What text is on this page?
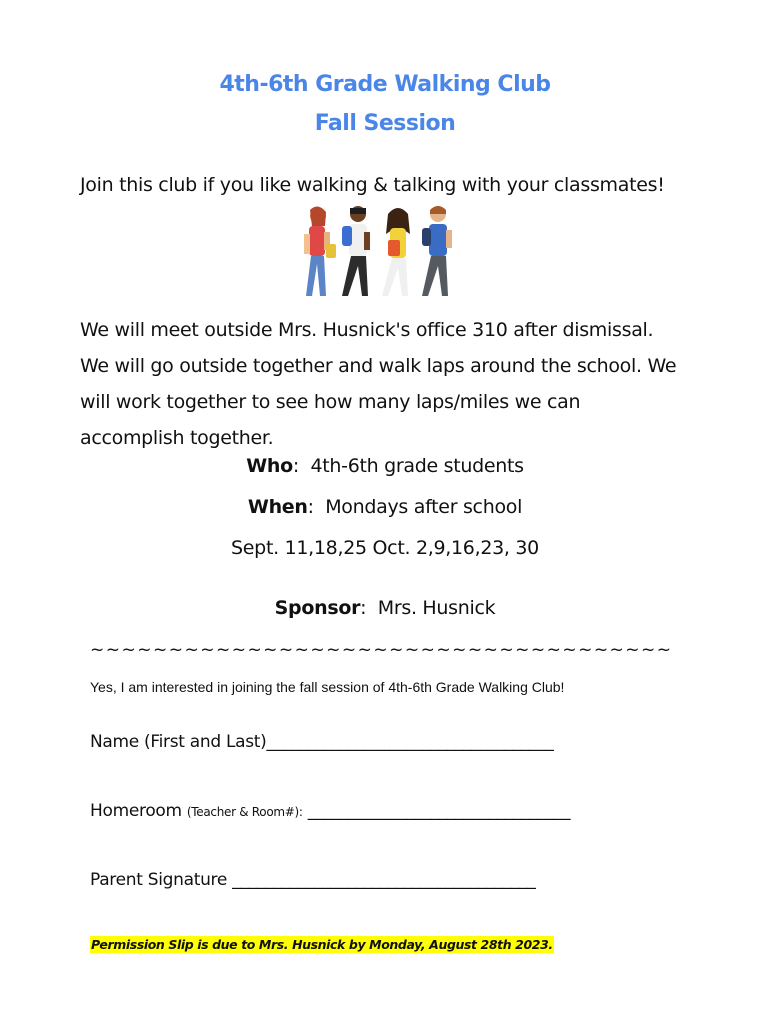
4th-6th Grade Walking Club
Fall Session
Join this club if you like walking & talking with your classmates!
We will meet outside Mrs. Husnick's office 310 after dismissal. We will go outside together and walk laps around the school. We will work together to see how many laps/miles we can accomplish together.
Who:  4th-6th grade students
When:  Mondays after school
Sept. 11,18,25 Oct. 2,9,16,23, 30
Sponsor:  Mrs. Husnick
~~~~~~~~~~~~~~~~~~~~~~~~~~~~~~~~~~~~~
Yes, I am interested in joining the fall session of 4th-6th Grade Walking Club!
Name (First and Last)___________________________________
Homeroom (Teacher & Room#): ________________________________
Parent Signature _____________________________________
Permission Slip is due to Mrs. Husnick by Monday, August 28th 2023.
